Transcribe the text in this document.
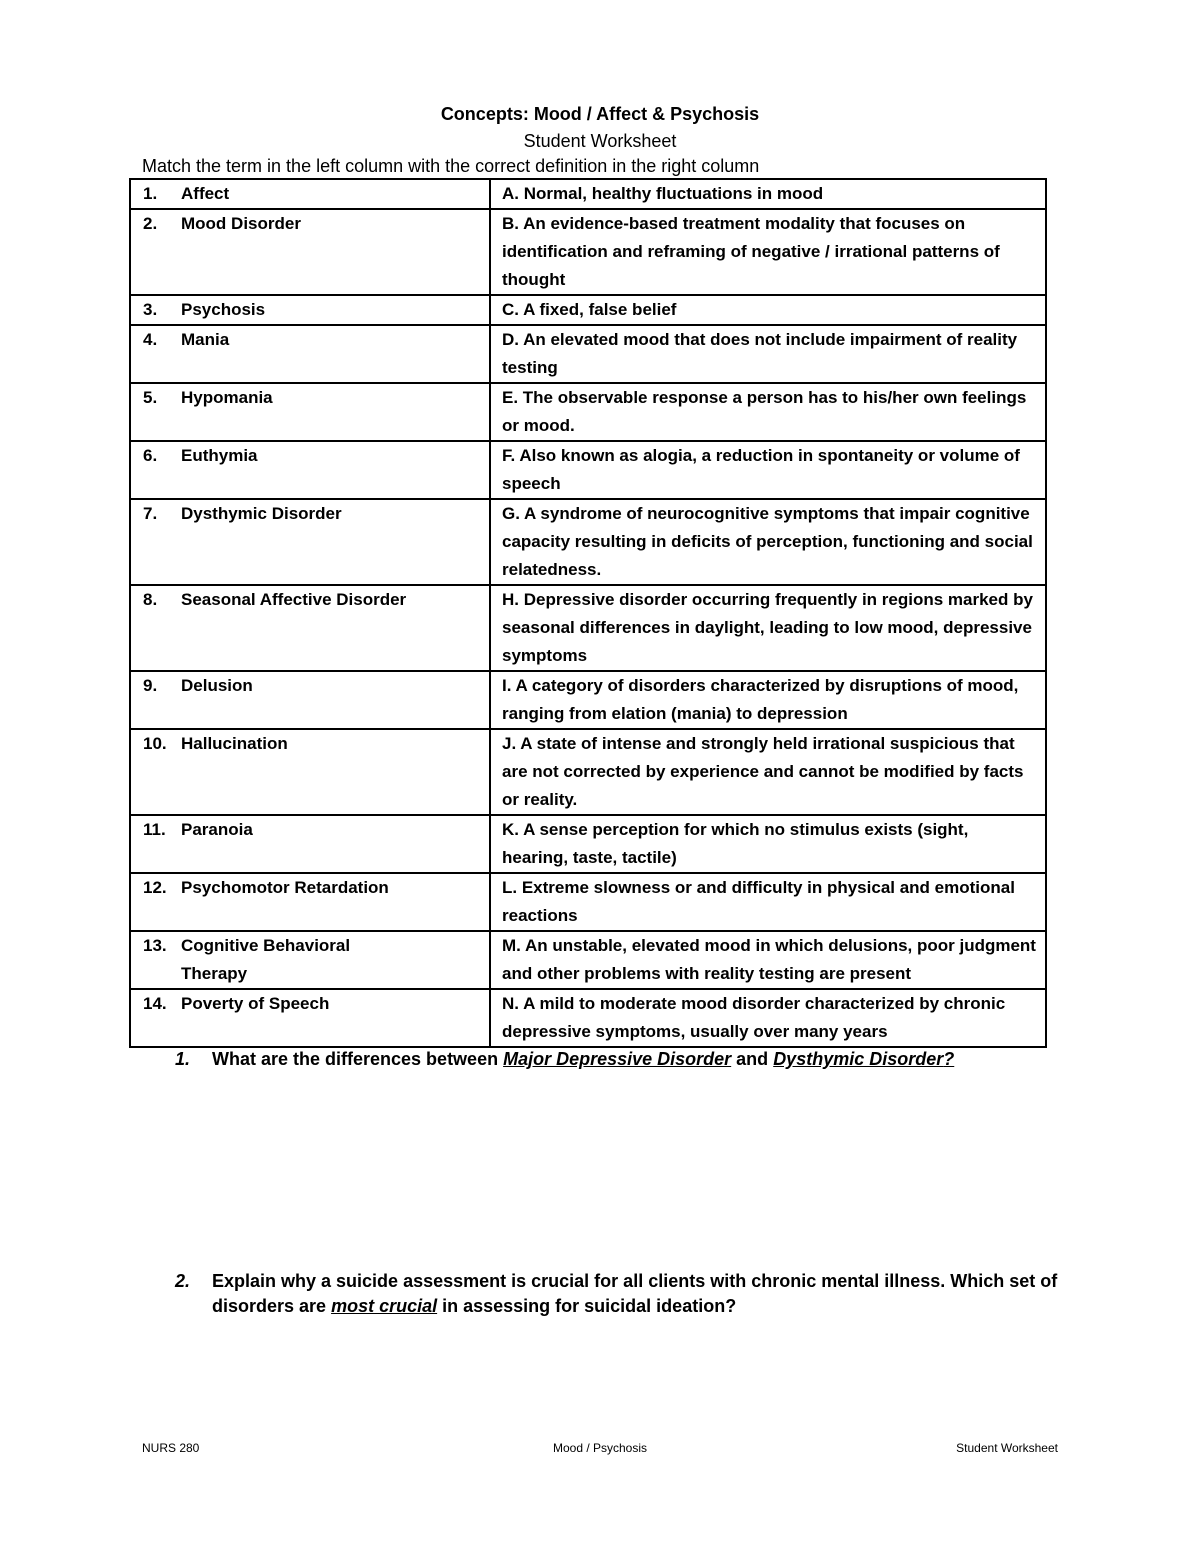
Concepts: Mood / Affect & Psychosis
Student Worksheet
Match the term in the left column with the correct definition in the right column
1. Affect	A. Normal, healthy fluctuations in mood
2. Mood Disorder	B. An evidence-based treatment modality that focuses on identification and reframing of negative / irrational patterns of thought
3. Psychosis	C. A fixed, false belief
4. Mania	D. An elevated mood that does not include impairment of reality testing
5. Hypomania	E. The observable response a person has to his/her own feelings or mood.
6. Euthymia	F. Also known as alogia, a reduction in spontaneity or volume of speech
7. Dysthymic Disorder	G. A syndrome of neurocognitive symptoms that impair cognitive capacity resulting in deficits of perception, functioning and social relatedness.
8. Seasonal Affective Disorder	H. Depressive disorder occurring frequently in regions marked by seasonal differences in daylight, leading to low mood, depressive symptoms
9. Delusion	I. A category of disorders characterized by disruptions of mood, ranging from elation (mania) to depression
10. Hallucination	J. A state of intense and strongly held irrational suspicious that are not corrected by experience and cannot be modified by facts or reality.
11. Paranoia	K. A sense perception for which no stimulus exists (sight, hearing, taste, tactile)
12. Psychomotor Retardation	L. Extreme slowness or and difficulty in physical and emotional reactions
13. Cognitive Behavioral Therapy	M. An unstable, elevated mood in which delusions, poor judgment and other problems with reality testing are present
14. Poverty of Speech	N. A mild to moderate mood disorder characterized by chronic depressive symptoms, usually over many years
1. What are the differences between Major Depressive Disorder and Dysthymic Disorder?
2. Explain why a suicide assessment is crucial for all clients with chronic mental illness. Which set of disorders are most crucial in assessing for suicidal ideation?
NURS 280	Mood / Psychosis	Student Worksheet
